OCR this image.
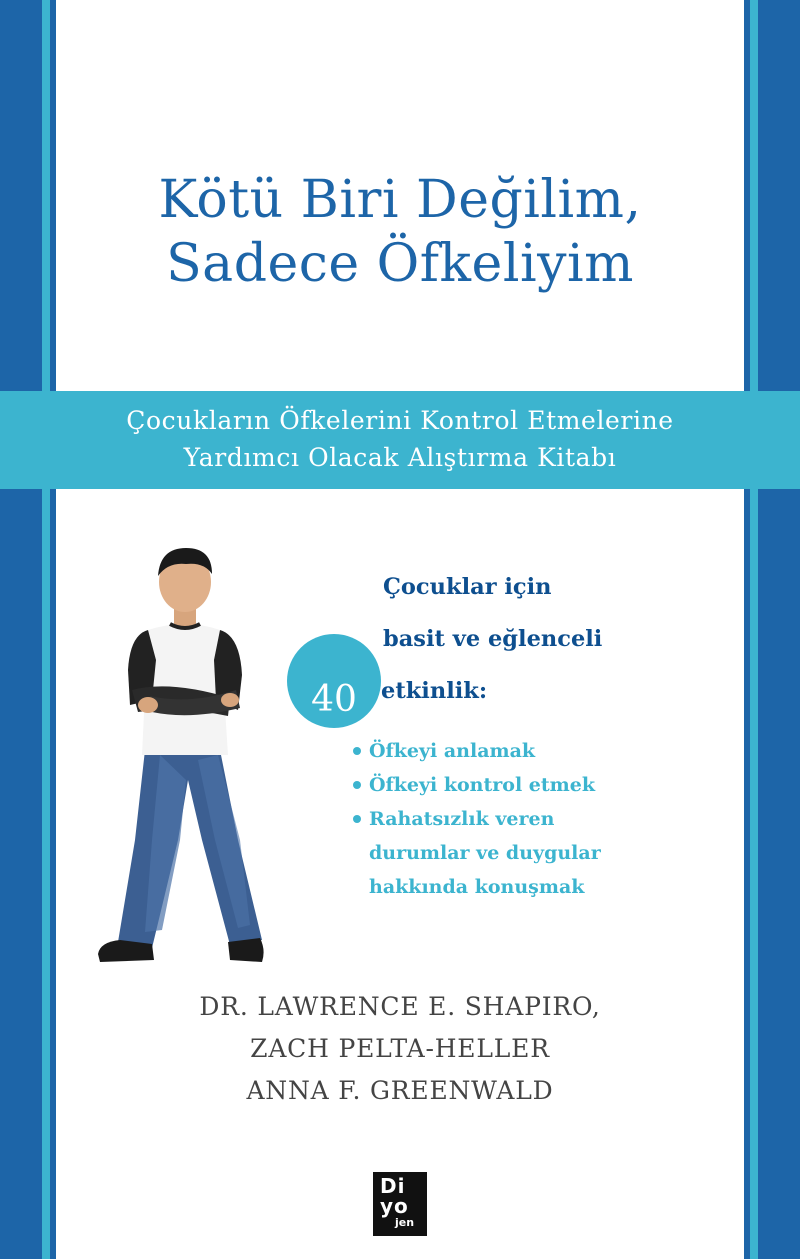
Kötü Biri Değilim,
Sadece Öfkeliyim
Çocukların Öfkelerini Kontrol Etmelerine
Yardımcı Olacak Alıştırma Kitabı
40
Çocuklar için
basit ve eğlenceli
etkinlik:
Öfkeyi anlamak
Öfkeyi kontrol etmek
Rahatsızlık veren
durumlar ve duygular
hakkında konuşmak
DR. LAWRENCE E. SHAPIRO,
ZACH PELTA-HELLER
ANNA F. GREENWALD
Di
yo
jen
